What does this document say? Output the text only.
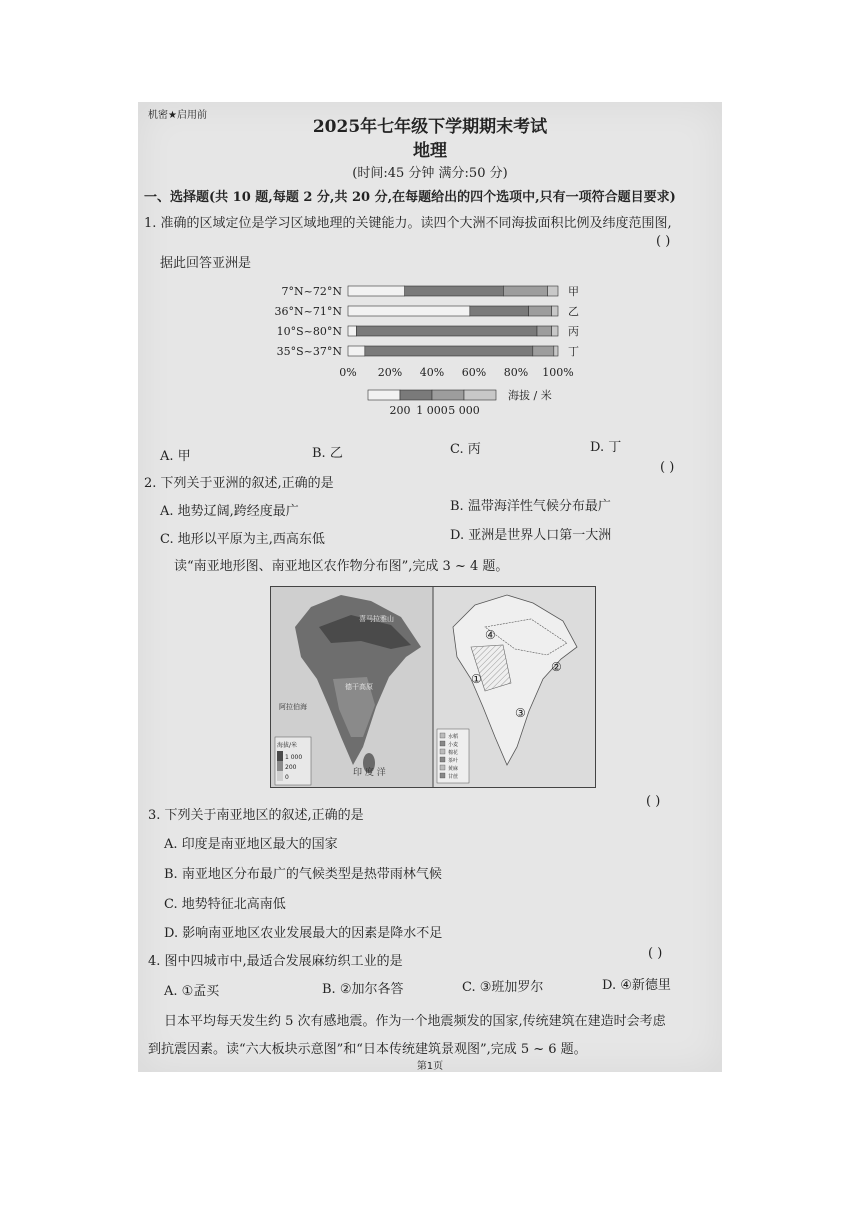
机密★启用前
2025年七年级下学期期末考试
地理
(时间:45 分钟 满分:50 分)
一、选择题(共 10 题,每题 2 分,共 20 分,在每题给出的四个选项中,只有一项符合题目要求)
1. 准确的区域定位是学习区域地理的关键能力。读四个大洲不同海拔面积比例及纬度范围图,
( )
据此回答亚洲是
7°N~72°N	甲
36°N~71°N	乙
10°S~80°N	丙
35°S~37°N	丁
0% 20% 40% 60% 80% 100%
海拔 / 米
200 1 000 5 000
A. 甲	B. 乙	C. 丙	D. 丁
2. 下列关于亚洲的叙述,正确的是
( )
A. 地势辽阔,跨经度最广	B. 温带海洋性气候分布最广
C. 地形以平原为主,西高东低	D. 亚洲是世界人口第一大洲
读“南亚地形图、南亚地区农作物分布图”,完成 3 ~ 4 题。
喜马拉雅山
德干高原
阿拉伯海
印 度 洋
海拔/米
1 000
200
0
④
②
①
③
水稻
小麦
棉花
茶叶
黄麻
甘蔗
3. 下列关于南亚地区的叙述,正确的是
( )
A. 印度是南亚地区最大的国家
B. 南亚地区分布最广的气候类型是热带雨林气候
C. 地势特征北高南低
D. 影响南亚地区农业发展最大的因素是降水不足
4. 图中四城市中,最适合发展麻纺织工业的是
( )
A. ①孟买	B. ②加尔各答	C. ③班加罗尔	D. ④新德里
日本平均每天发生约 5 次有感地震。作为一个地震频发的国家,传统建筑在建造时会考虑
到抗震因素。读“六大板块示意图”和“日本传统建筑景观图”,完成 5 ~ 6 题。
第1页
